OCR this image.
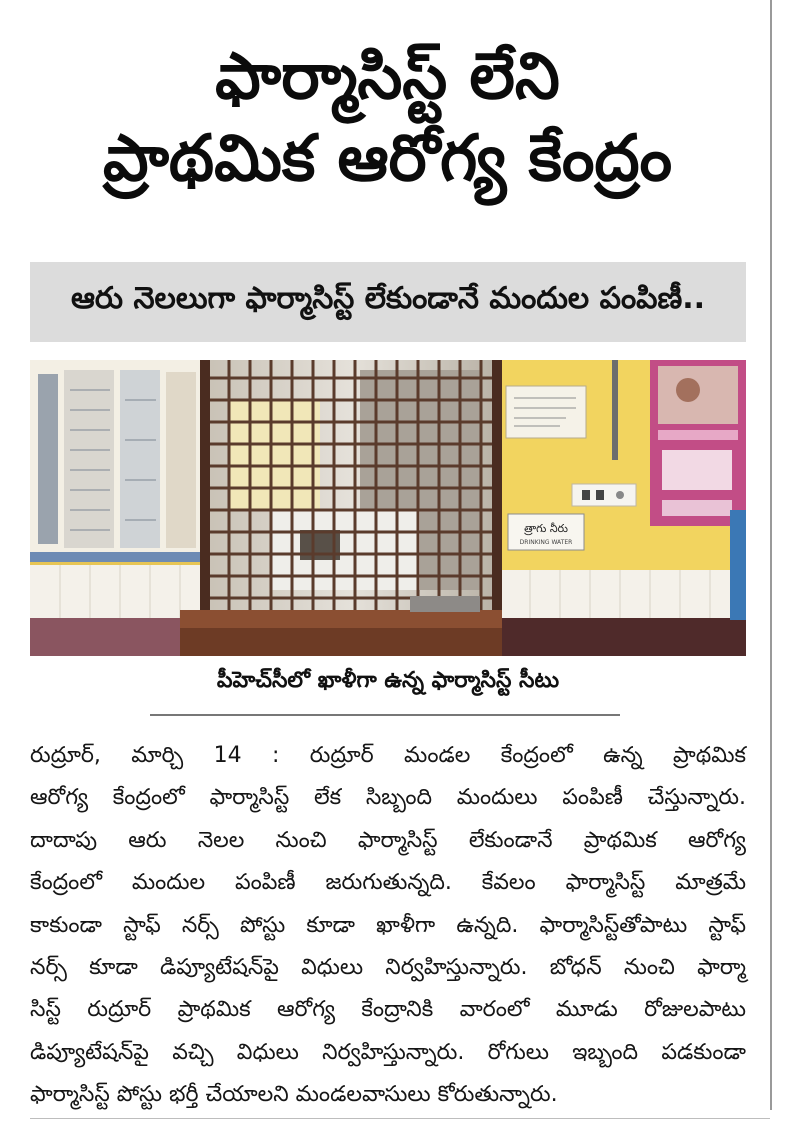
ఫార్మాసిస్ట్ లేని
ప్రాథమిక ఆరోగ్య కేంద్రం
ఆరు నెలలుగా ఫార్మాసిస్ట్ లేకుండానే మందుల పంపిణీ..
త్రాగు నీరు
DRINKING WATER
పీహెచ్‌సీలో ఖాళీగా ఉన్న ఫార్మాసిస్ట్ సీటు
రుద్రూర్, మార్చి 14 : రుద్రూర్ మండల కేంద్రంలో ఉన్న ప్రాథమిక
ఆరోగ్య కేంద్రంలో ఫార్మాసిస్ట్ లేక సిబ్బంది మందులు పంపిణీ చేస్తున్నారు.
దాదాపు ఆరు నెలల నుంచి ఫార్మాసిస్ట్ లేకుండానే ప్రాథమిక ఆరోగ్య
కేంద్రంలో మందుల పంపిణీ జరుగుతున్నది. కేవలం ఫార్మాసిస్ట్ మాత్రమే
కాకుండా స్టాఫ్ నర్స్ పోస్టు కూడా ఖాళీగా ఉన్నది. ఫార్మాసిస్ట్‌తోపాటు స్టాఫ్
నర్స్ కూడా డిప్యూటేషన్‌పై విధులు నిర్వహిస్తున్నారు. బోధన్ నుంచి ఫార్మా
సిస్ట్ రుద్రూర్ ప్రాథమిక ఆరోగ్య కేంద్రానికి వారంలో మూడు రోజులపాటు
డిప్యూటేషన్‌పై వచ్చి విధులు నిర్వహిస్తున్నారు. రోగులు ఇబ్బంది పడకుండా
ఫార్మాసిస్ట్ పోస్టు భర్తీ చేయాలని మండలవాసులు కోరుతున్నారు.
